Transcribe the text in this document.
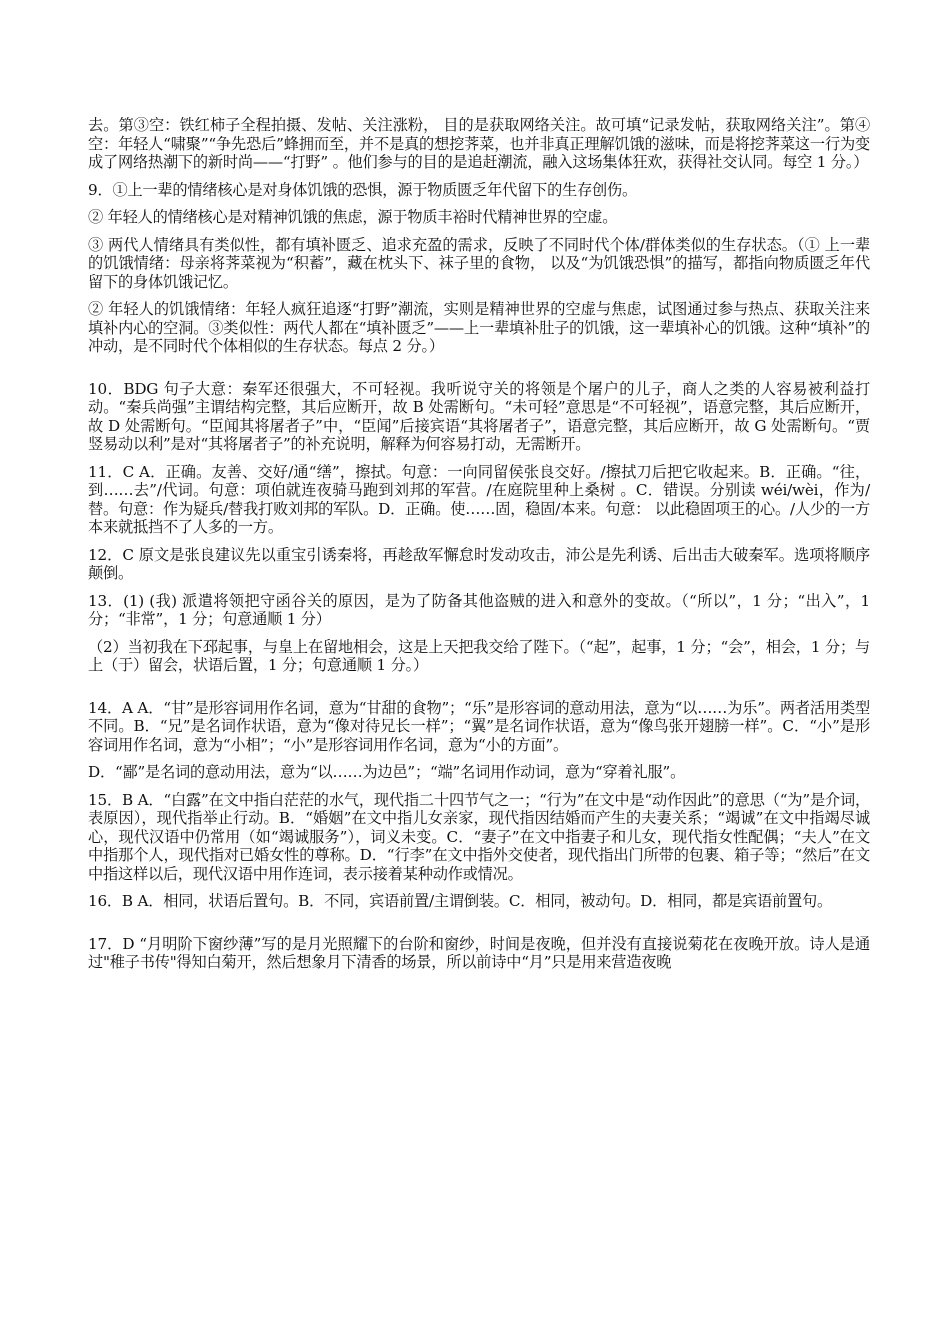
去。第③空：铁红柿子全程拍摄、发帖、关注涨粉， 目的是获取网络关注。故可填“记录发帖，获取网络关注”。第④空：年轻人“啸聚”“争先恐后”蜂拥而至，并不是真的想挖荠菜，也并非真正理解饥饿的滋味，而是将挖荠菜这一行为变成了网络热潮下的新时尚——“打野” 。他们参与的目的是追赶潮流，融入这场集体狂欢，获得社交认同。每空 1 分。）

9．①上一辈的情绪核心是对身体饥饿的恐惧，源于物质匮乏年代留下的生存创伤。

② 年轻人的情绪核心是对精神饥饿的焦虑，源于物质丰裕时代精神世界的空虚。

③ 两代人情绪具有类似性，都有填补匮乏、追求充盈的需求，反映了不同时代个体/群体类似的生存状态。（① 上一辈的饥饿情绪：母亲将荠菜视为“积蓄”，藏在枕头下、袜子里的食物， 以及“为饥饿恐惧”的描写，都指向物质匮乏年代留下的身体饥饿记忆。

② 年轻人的饥饿情绪：年轻人疯狂追逐“打野”潮流，实则是精神世界的空虚与焦虑，试图通过参与热点、获取关注来填补内心的空洞。③类似性：两代人都在“填补匮乏”——上一辈填补肚子的饥饿，这一辈填补心的饥饿。这种“填补”的冲动，是不同时代个体相似的生存状态。每点 2 分。）

10．BDG 句子大意：秦军还很强大，不可轻视。我听说守关的将领是个屠户的儿子，商人之类的人容易被利益打动。“秦兵尚强”主谓结构完整，其后应断开，故 B 处需断句。“未可轻”意思是“不可轻视”，语意完整，其后应断开，故 D 处需断句。“臣闻其将屠者子”中，“臣闻”后接宾语“其将屠者子”，语意完整，其后应断开，故 G 处需断句。“贾竖易动以利”是对“其将屠者子”的补充说明，解释为何容易打动，无需断开。

11．C A．正确。友善、交好/通“缮”，擦拭。句意：一向同留侯张良交好。/擦拭刀后把它收起来。B．正确。“往，到……去”/代词。句意：项伯就连夜骑马跑到刘邦的军营。/在庭院里种上桑树 。C．错误。分别读 wéi/wèi，作为/替。句意：作为疑兵/替我打败刘邦的军队。D．正确。使……固，稳固/本来。句意： 以此稳固项王的心。/人少的一方本来就抵挡不了人多的一方。

12．C 原文是张良建议先以重宝引诱秦将，再趁敌军懈怠时发动攻击，沛公是先利诱、后出击大破秦军。选项将顺序颠倒。

13．(1) (我) 派遣将领把守函谷关的原因，是为了防备其他盗贼的进入和意外的变故。（“所以”，1 分；“出入”，1 分；“非常”，1 分；句意通顺 1 分）

（2）当初我在下邳起事，与皇上在留地相会，这是上天把我交给了陛下。（“起”，起事，1 分；“会”，相会，1 分；与上（于）留会，状语后置，1 分；句意通顺 1 分。）

14．A A．“甘”是形容词用作名词，意为“甘甜的食物”；“乐”是形容词的意动用法，意为“以……为乐”。两者活用类型不同。B．“兄”是名词作状语，意为“像对待兄长一样”；“翼”是名词作状语，意为“像鸟张开翅膀一样”。C．“小”是形容词用作名词，意为“小相”；“小”是形容词用作名词，意为“小的方面”。

D．“鄙”是名词的意动用法，意为“以……为边邑”；“端”名词用作动词，意为“穿着礼服”。

15．B A．“白露”在文中指白茫茫的水气，现代指二十四节气之一；“行为”在文中是“动作因此”的意思（“为”是介词，表原因），现代指举止行动。B．“婚姻”在文中指儿女亲家，现代指因结婚而产生的夫妻关系；“竭诚”在文中指竭尽诚心，现代汉语中仍常用（如“竭诚服务”），词义未变。C．“妻子”在文中指妻子和儿女，现代指女性配偶；“夫人”在文中指那个人，现代指对已婚女性的尊称。D．“行李”在文中指外交使者，现代指出门所带的包裹、箱子等；“然后”在文中指这样以后，现代汉语中用作连词，表示接着某种动作或情况。

16．B A．相同，状语后置句。B．不同，宾语前置/主谓倒装。C．相同，被动句。D．相同，都是宾语前置句。

17．D “月明阶下窗纱薄”写的是月光照耀下的台阶和窗纱，时间是夜晚，但并没有直接说菊花在夜晚开放。诗人是通过"稚子书传"得知白菊开，然后想象月下清香的场景，所以前诗中“月”只是用来营造夜晚
